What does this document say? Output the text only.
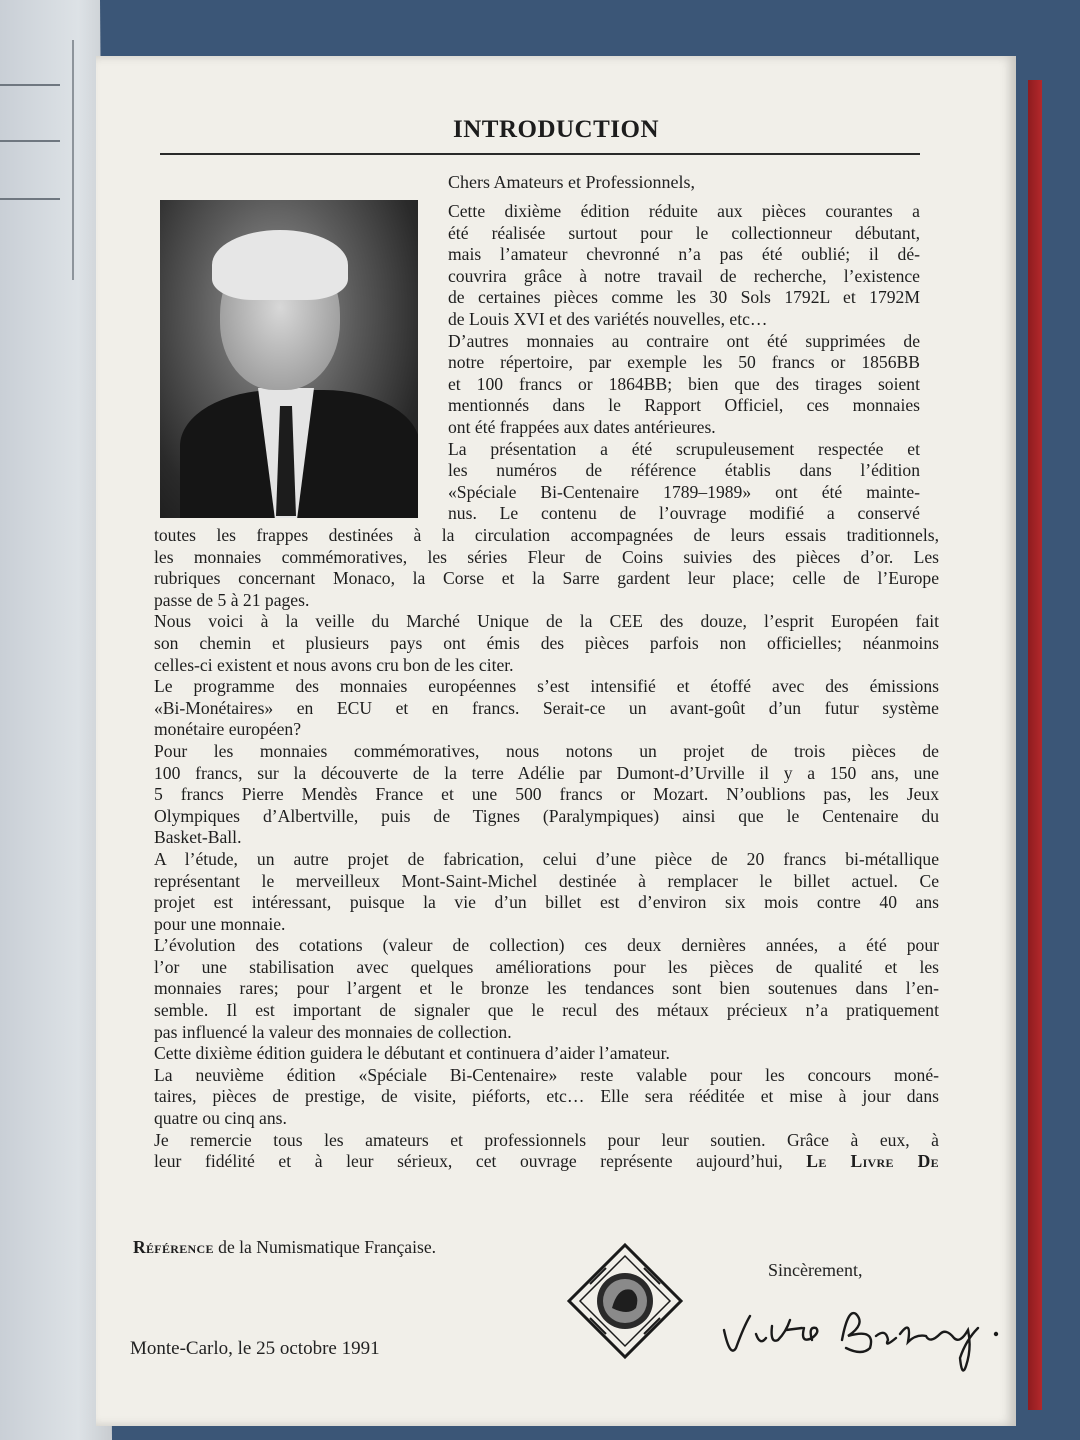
INTRODUCTION
Chers Amateurs et Professionnels,
Cette dixième édition réduite aux pièces courantes a
été réalisée surtout pour le collectionneur débutant,
mais l’amateur chevronné n’a pas été oublié; il dé-
couvrira grâce à notre travail de recherche, l’existence
de certaines pièces comme les 30 Sols 1792L et 1792M
de Louis XVI et des variétés nouvelles, etc…
D’autres monnaies au contraire ont été supprimées de
notre répertoire, par exemple les 50 francs or 1856BB
et 100 francs or 1864BB; bien que des tirages soient
mentionnés dans le Rapport Officiel, ces monnaies
ont été frappées aux dates antérieures.
La présentation a été scrupuleusement respectée et
les numéros de référence établis dans l’édition
«Spéciale Bi-Centenaire 1789–1989» ont été mainte-
nus. Le contenu de l’ouvrage modifié a conservé
toutes les frappes destinées à la circulation accompagnées de leurs essais traditionnels,
les monnaies commémoratives, les séries Fleur de Coins suivies des pièces d’or. Les
rubriques concernant Monaco, la Corse et la Sarre gardent leur place; celle de l’Europe
passe de 5 à 21 pages.
Nous voici à la veille du Marché Unique de la CEE des douze, l’esprit Européen fait
son chemin et plusieurs pays ont émis des pièces parfois non officielles; néanmoins
celles-ci existent et nous avons cru bon de les citer.
Le programme des monnaies européennes s’est intensifié et étoffé avec des émissions
«Bi-Monétaires» en ECU et en francs. Serait-ce un avant-goût d’un futur système
monétaire européen?
Pour les monnaies commémoratives, nous notons un projet de trois pièces de
100 francs, sur la découverte de la terre Adélie par Dumont-d’Urville il y a 150 ans, une
5 francs Pierre Mendès France et une 500 francs or Mozart. N’oublions pas, les Jeux
Olympiques d’Albertville, puis de Tignes (Paralympiques) ainsi que le Centenaire du
Basket-Ball.
A l’étude, un autre projet de fabrication, celui d’une pièce de 20 francs bi-métallique
représentant le merveilleux Mont-Saint-Michel destinée à remplacer le billet actuel. Ce
projet est intéressant, puisque la vie d’un billet est d’environ six mois contre 40 ans
pour une monnaie.
L’évolution des cotations (valeur de collection) ces deux dernières années, a été pour
l’or une stabilisation avec quelques améliorations pour les pièces de qualité et les
monnaies rares; pour l’argent et le bronze les tendances sont bien soutenues dans l’en-
semble. Il est important de signaler que le recul des métaux précieux n’a pratiquement
pas influencé la valeur des monnaies de collection.
Cette dixième édition guidera le débutant et continuera d’aider l’amateur.
La neuvième édition «Spéciale Bi-Centenaire» reste valable pour les concours moné-
taires, pièces de prestige, de visite, piéforts, etc… Elle sera rééditée et mise à jour dans
quatre ou cinq ans.
Je remercie tous les amateurs et professionnels pour leur soutien. Grâce à eux, à
leur fidélité et à leur sérieux, cet ouvrage représente aujourd’hui, Le Livre De
Référence de la Numismatique Française.
Sincèrement,
Monte-Carlo, le 25 octobre 1991
